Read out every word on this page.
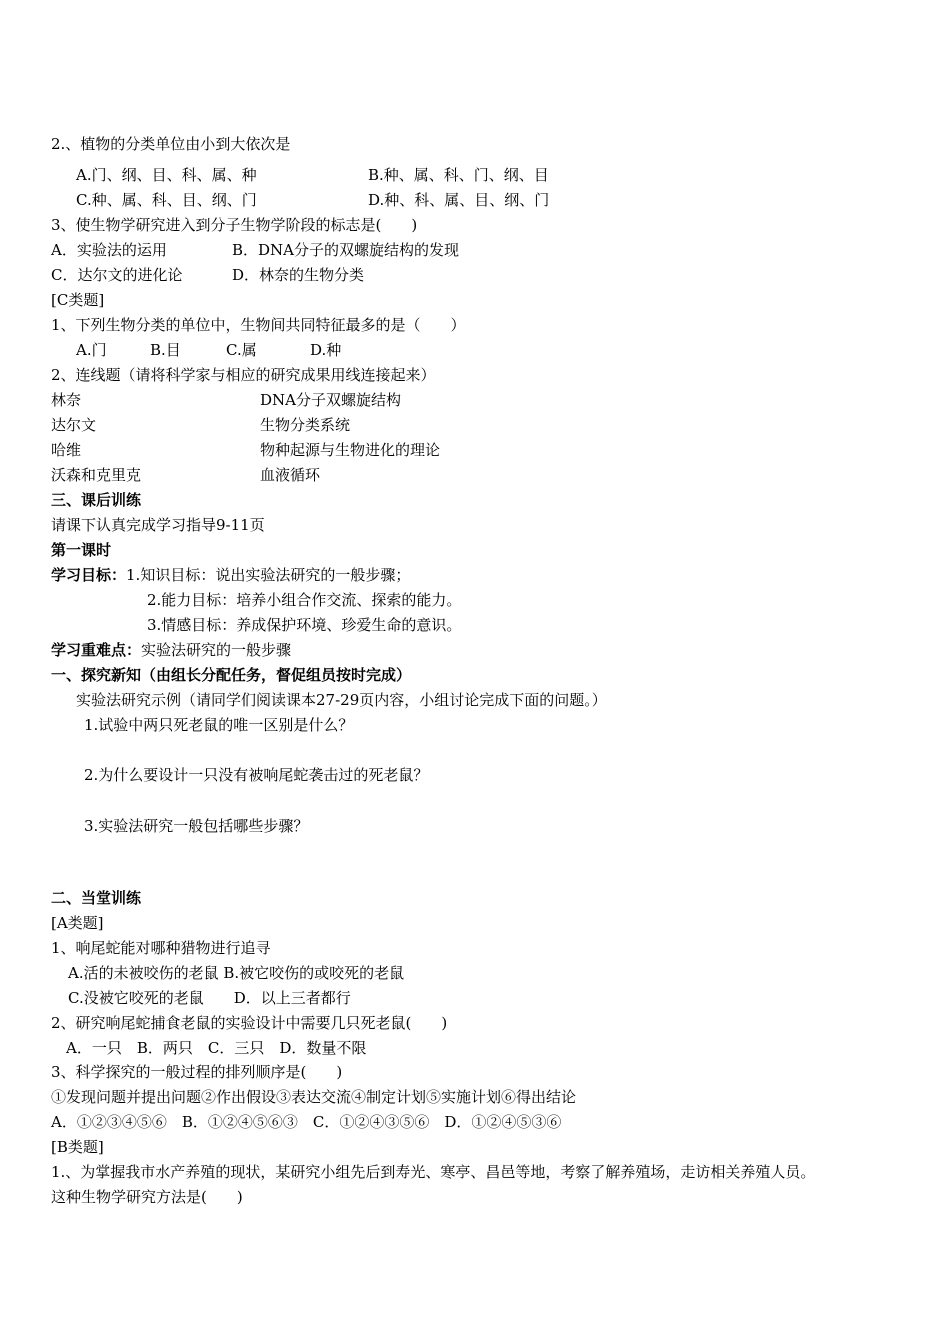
2.、植物的分类单位由小到大依次是
A.门、纲、目、科、属、种	B.种、属、科、门、纲、目
C.种、属、科、目、纲、门	D.种、科、属、目、纲、门
3、使生物学研究进入到分子生物学阶段的标志是(　　)
A．实验法的运用	B．DNA分子的双螺旋结构的发现
C．达尔文的进化论	D．林奈的生物分类
[C类题]
1、下列生物分类的单位中，生物间共同特征最多的是（　　）
A.门	B.目	C.属	D.种
2、连线题（请将科学家与相应的研究成果用线连接起来）
林奈	DNA分子双螺旋结构
达尔文	生物分类系统
哈维	物种起源与生物进化的理论
沃森和克里克	血液循环
三、课后训练
请课下认真完成学习指导9-11页
第一课时
学习目标：1.知识目标：说出实验法研究的一般步骤；
2.能力目标：培养小组合作交流、探索的能力。
3.情感目标：养成保护环境、珍爱生命的意识。
学习重难点：实验法研究的一般步骤
一、探究新知（由组长分配任务，督促组员按时完成）
实验法研究示例（请同学们阅读课本27-29页内容，小组讨论完成下面的问题。）
1.试验中两只死老鼠的唯一区别是什么？
2.为什么要设计一只没有被响尾蛇袭击过的死老鼠？
3.实验法研究一般包括哪些步骤？
二、当堂训练
[A类题]
1、响尾蛇能对哪种猎物进行追寻
A.活的未被咬伤的老鼠 B.被它咬伤的或咬死的老鼠
C.没被它咬死的老鼠　　D．以上三者都行
2、研究响尾蛇捕食老鼠的实验设计中需要几只死老鼠(　　)
A．一只　B．两只　C．三只　D．数量不限
3、科学探究的一般过程的排列顺序是(　　)
①发现问题并提出问题②作出假设③表达交流④制定计划⑤实施计划⑥得出结论
A．①②③④⑤⑥　B．①②④⑤⑥③　C．①②④③⑤⑥　D．①②④⑤③⑥
[B类题]
1.、为掌握我市水产养殖的现状，某研究小组先后到寿光、寒亭、昌邑等地，考察了解养殖场，走访相关养殖人员。
这种生物学研究方法是(　　)
